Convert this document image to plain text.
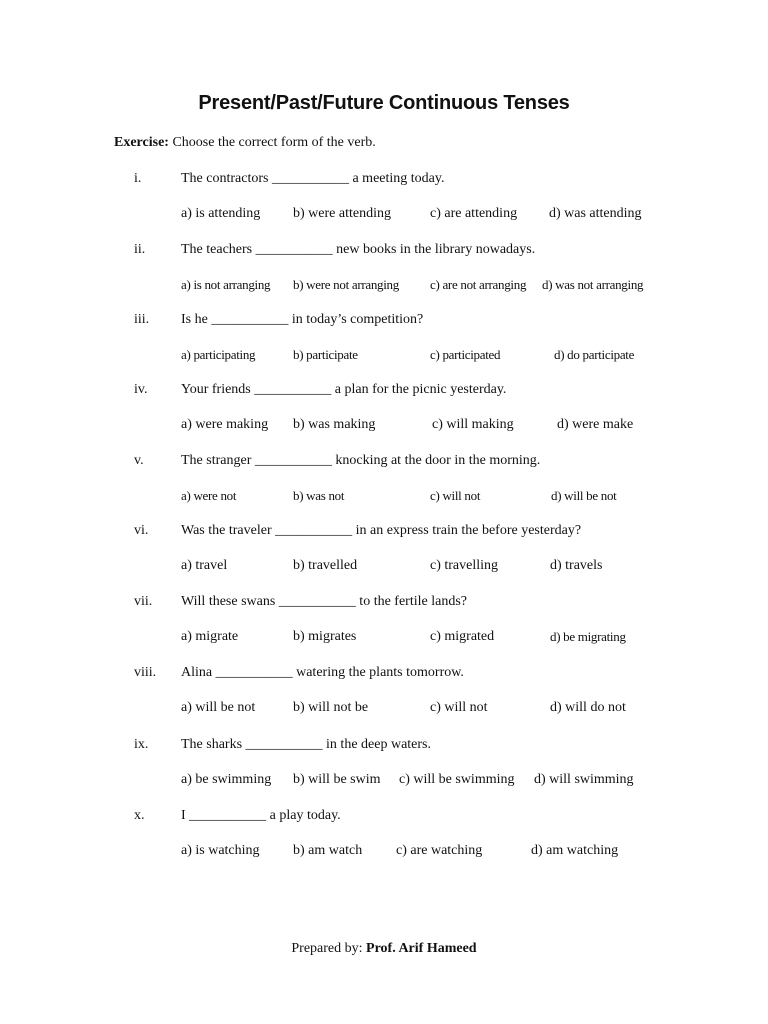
Present/Past/Future Continuous Tenses
Exercise: Choose the correct form of the verb.
i.	The contractors ___________ a meeting today.
a) is attending b) were attending	c) are attending d) was attending
ii.	The teachers ___________ new books in the library nowadays.
a) is not arranging b) were not arranging c) are not arranging d) was not arranging
iii. Is he ___________ in today’s competition?
a) participating	b) participate	c) participated	d) do participate
iv. Your friends ___________ a plan for the picnic yesterday.
a) were making b) was making	c) will making	d) were make
v.	The stranger ___________ knocking at the door in the morning.
a) were not	b) was not	c) will not	d) will be not
vi. Was the traveler ___________ in an express train the before yesterday?
a) travel	b) travelled	c) travelling	d) travels
vii. Will these swans ___________ to the fertile lands?
a) migrate	b) migrates	c) migrated	d) be migrating
viii. Alina ___________ watering the plants tomorrow.
a) will be not	b) will not be	c) will not	d) will do not
ix. The sharks ___________ in the deep waters.
a) be swimming b) will be swim c) will be swimming d) will swimming
x.	I ___________ a play today.
a) is watching b) am watch c) are watching	d) am watching
Prepared by: Prof. Arif Hameed
